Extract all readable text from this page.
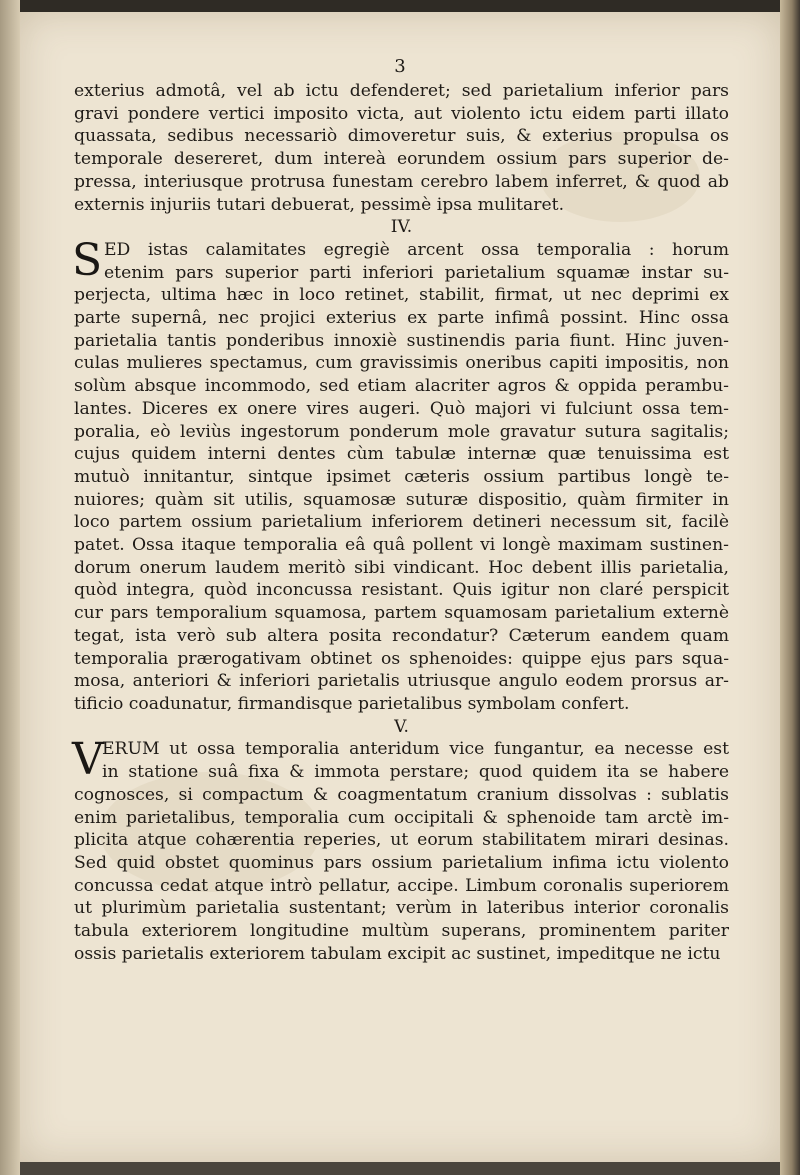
3
exterius admotâ, vel ab ictu defenderet; sed parietalium inferior pars
gravi pondere vertici imposito victa, aut violento ictu eidem parti illato
quassata, sedibus necessariò dimoveretur suis, & exterius propulsa os
temporale desereret, dum intereà eorundem ossium pars superior de-
pressa, interiusque protrusa funestam cerebro labem inferret, & quod ab
externis injuriis tutari debuerat, pessimè ipsa mulitaret.
IV.
S ED istas calamitates egregiè arcent ossa temporalia : horum
etenim pars superior parti inferiori parietalium squamæ instar su-
perjecta, ultima hæc in loco retinet, stabilit, firmat, ut nec deprimi ex
parte supernâ, nec projici exterius ex parte infimâ possint. Hinc ossa
parietalia tantis ponderibus innoxiè sustinendis paria fiunt. Hinc juven-
culas mulieres spectamus, cum gravissimis oneribus capiti impositis, non
solùm absque incommodo, sed etiam alacriter agros & oppida perambu-
lantes. Diceres ex onere vires augeri. Quò majori vi fulciunt ossa tem-
poralia, eò leviùs ingestorum ponderum mole gravatur sutura sagitalis;
cujus quidem interni dentes cùm tabulæ internæ quæ tenuissima est
mutuò innitantur, sintque ipsimet cæteris ossium partibus longè te-
nuiores; quàm sit utilis, squamosæ suturæ dispositio, quàm firmiter in
loco partem ossium parietalium inferiorem detineri necessum sit, facilè
patet. Ossa itaque temporalia eâ quâ pollent vi longè maximam sustinen-
dorum onerum laudem meritò sibi vindicant. Hoc debent illis parietalia,
quòd integra, quòd inconcussa resistant. Quis igitur non claré perspicit
cur pars temporalium squamosa, partem squamosam parietalium externè
tegat, ista verò sub altera posita recondatur? Cæterum eandem quam
temporalia prærogativam obtinet os sphenoides: quippe ejus pars squa-
mosa, anteriori & inferiori parietalis utriusque angulo eodem prorsus ar-
tificio coadunatur, firmandisque parietalibus symbolam confert.
V.
V
ERUM ut ossa temporalia anteridum vice fungantur, ea necesse est
in statione suâ fixa & immota perstare; quod quidem ita se habere
cognosces, si compactum & coagmentatum cranium dissolvas : sublatis
enim parietalibus, temporalia cum occipitali & sphenoide tam arctè im-
plicita atque cohærentia reperies, ut eorum stabilitatem mirari desinas.
Sed quid obstet quominus pars ossium parietalium infima ictu violento
concussa cedat atque intrò pellatur, accipe. Limbum coronalis superiorem
ut plurimùm parietalia sustentant; verùm in lateribus interior coronalis
tabula exteriorem longitudine multùm superans, prominentem pariter
ossis parietalis exteriorem tabulam excipit ac sustinet, impeditque ne ictu
